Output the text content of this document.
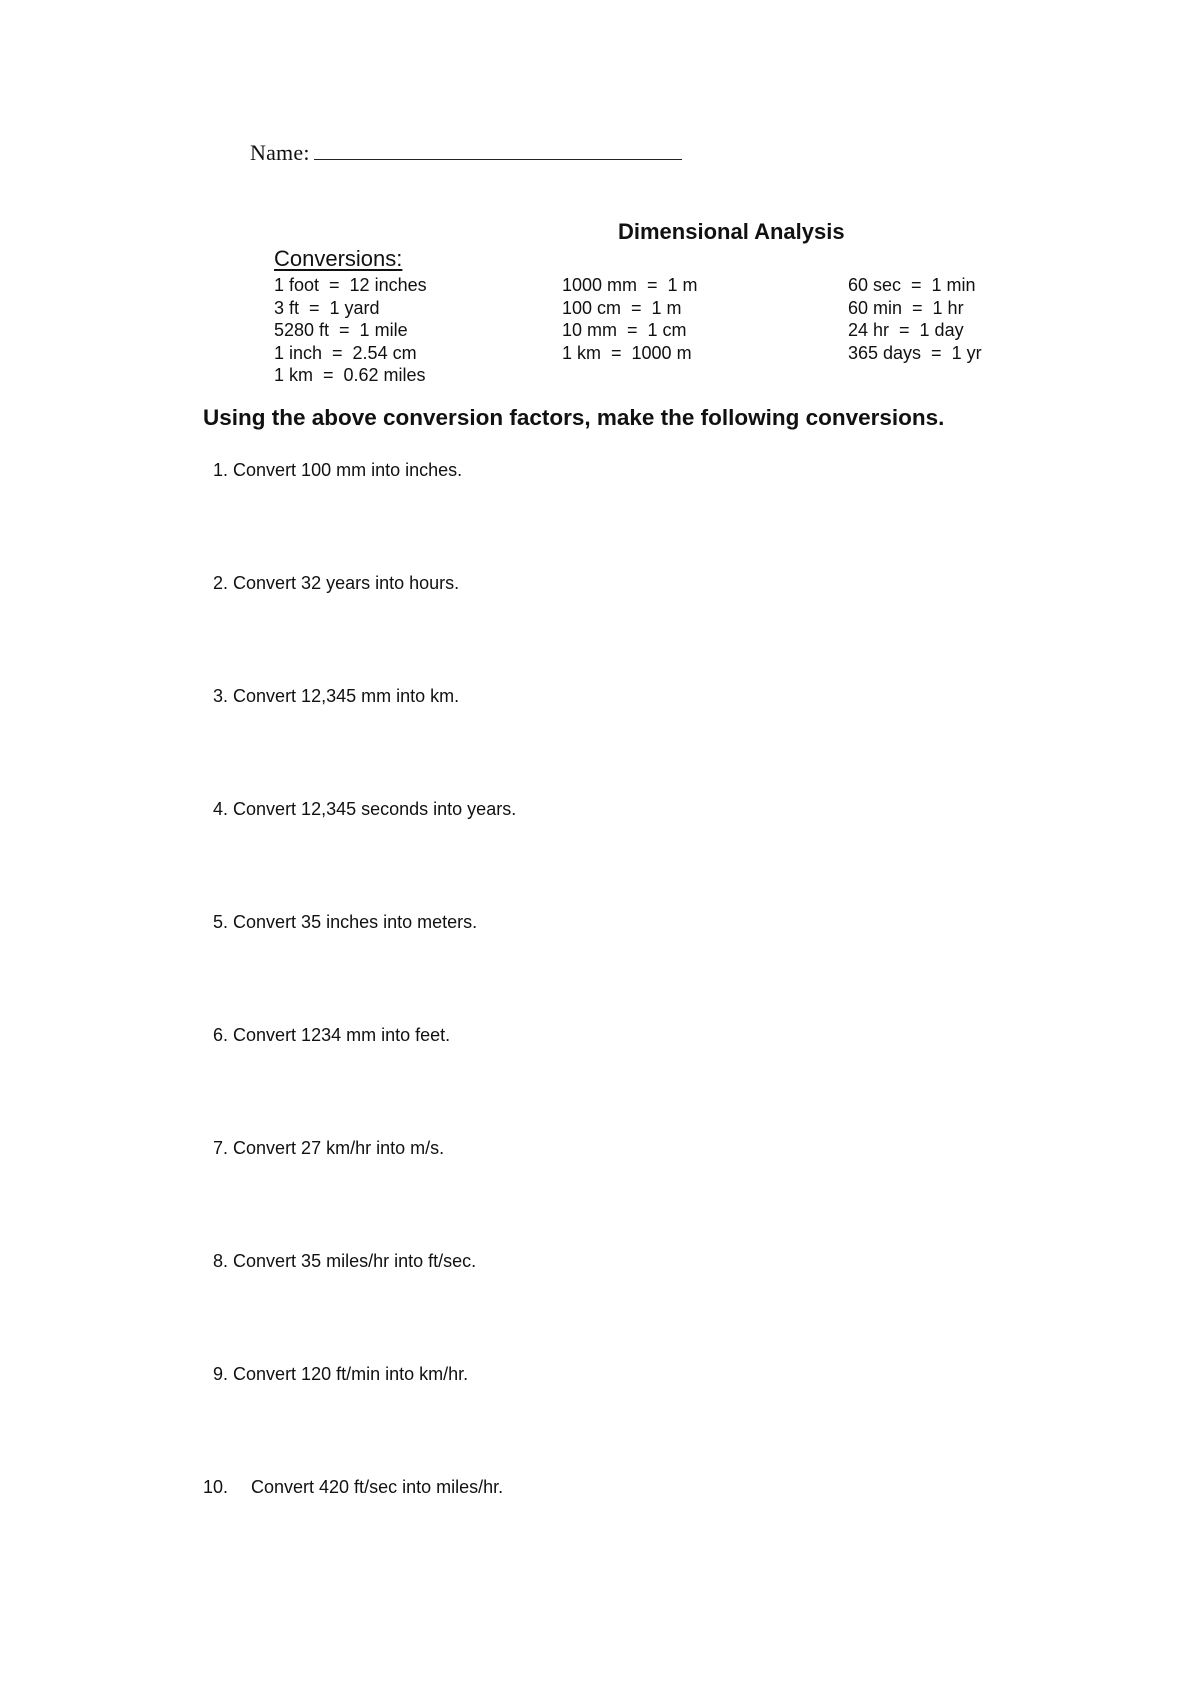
Name:
Dimensional Analysis
Conversions:
1 foot  =  12 inches
3 ft  =  1 yard
5280 ft  =  1 mile
1 inch  =  2.54 cm
1 km  =  0.62 miles
1000 mm  =  1 m
100 cm  =  1 m
10 mm  =  1 cm
1 km  =  1000 m
60 sec  =  1 min
60 min  =  1 hr
24 hr  =  1 day
365 days  =  1 yr
Using the above conversion factors, make the following conversions.
1. Convert 100 mm into inches.
2. Convert 32 years into hours.
3. Convert 12,345 mm into km.
4. Convert 12,345 seconds into years.
5. Convert 35 inches into meters.
6. Convert 1234 mm into feet.
7. Convert 27 km/hr into m/s.
8. Convert 35 miles/hr into ft/sec.
9. Convert 120 ft/min into km/hr.
10. Convert 420 ft/sec into miles/hr.
